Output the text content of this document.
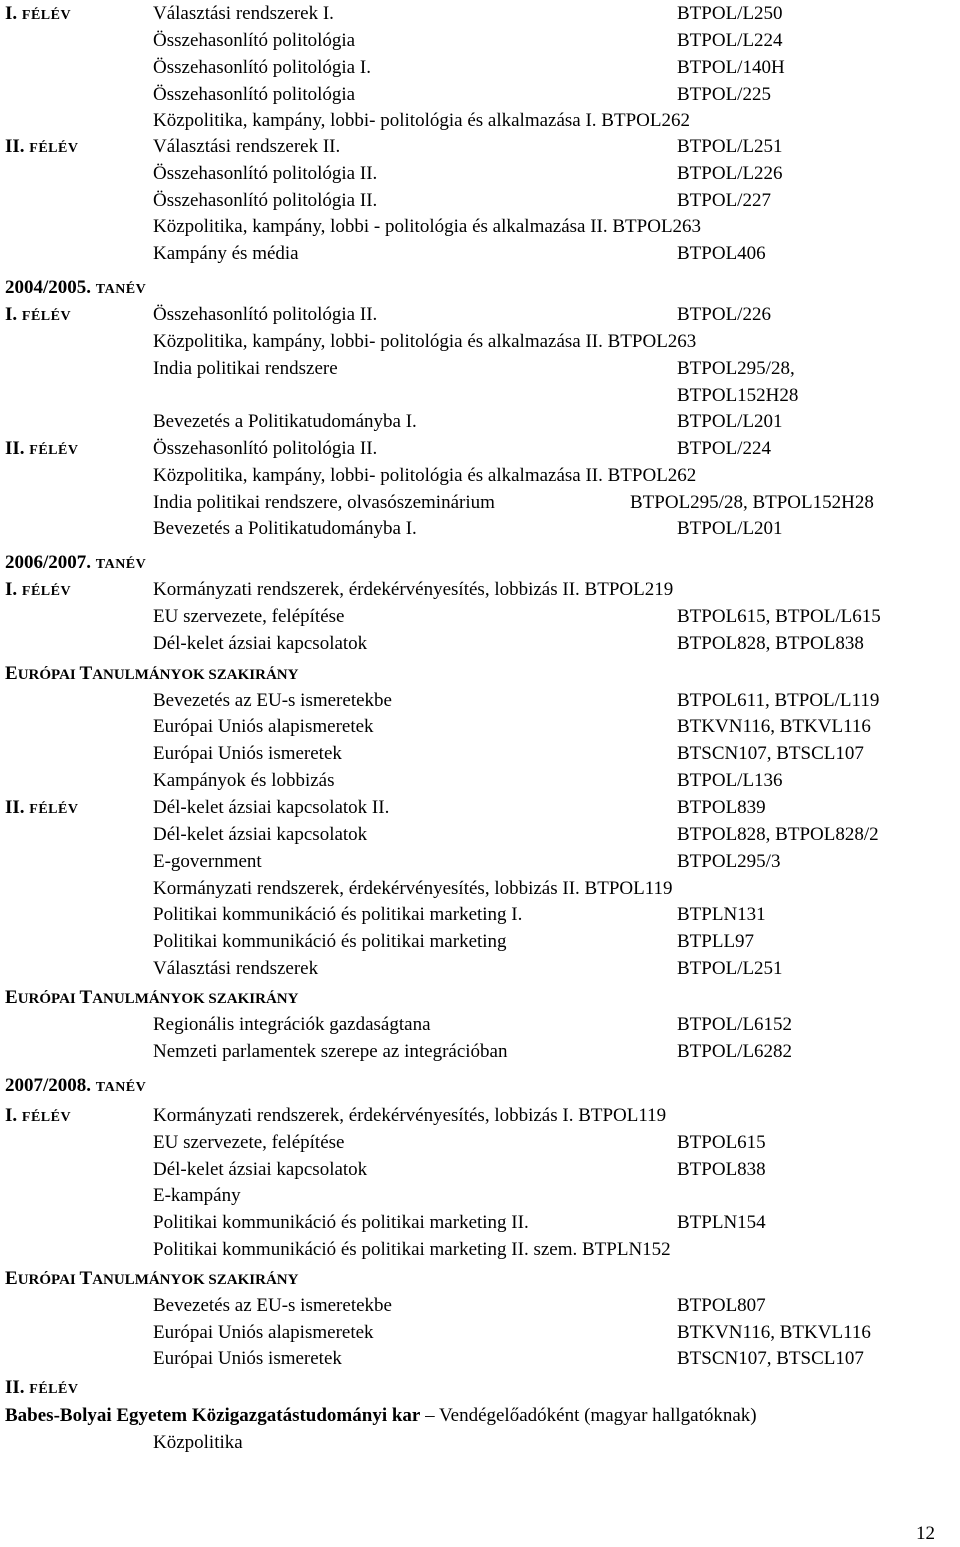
I. FÉLÉV	Választási rendszerek I.	BTPOL/L250
Összehasonlító politológia	BTPOL/L224
Összehasonlító politológia I.	BTPOL/140H
Összehasonlító politológia	BTPOL/225
Közpolitika, kampány, lobbi- politológia és alkalmazása I. BTPOL262
II. FÉLÉV	Választási rendszerek II.	BTPOL/L251
Összehasonlító politológia II.	BTPOL/L226
Összehasonlító politológia II.	BTPOL/227
Közpolitika, kampány, lobbi - politológia és alkalmazása II. BTPOL263
Kampány és média	BTPOL406
2004/2005. TANÉV
I. FÉLÉV	Összehasonlító politológia II.	BTPOL/226
Közpolitika, kampány, lobbi- politológia és alkalmazása II. BTPOL263
India politikai rendszere	BTPOL295/28,
BTPOL152H28
Bevezetés a Politikatudományba I.	BTPOL/L201
II. FÉLÉV	Összehasonlító politológia II.	BTPOL/224
Közpolitika, kampány, lobbi- politológia és alkalmazása II. BTPOL262
India politikai rendszere, olvasószeminárium	BTPOL295/28, BTPOL152H28
Bevezetés a Politikatudományba I.	BTPOL/L201
2006/2007. TANÉV
I. FÉLÉV	Kormányzati rendszerek, érdekérvényesítés, lobbizás II. BTPOL219
EU szervezete, felépítése	BTPOL615, BTPOL/L615
Dél-kelet ázsiai kapcsolatok	BTPOL828, BTPOL838
EURÓPAI TANULMÁNYOK SZAKIRÁNY
Bevezetés az EU-s ismeretekbe	BTPOL611, BTPOL/L119
Európai Uniós alapismeretek	BTKVN116, BTKVL116
Európai Uniós ismeretek	BTSCN107, BTSCL107
Kampányok és lobbizás	BTPOL/L136
II. FÉLÉV	Dél-kelet ázsiai kapcsolatok II.	BTPOL839
Dél-kelet ázsiai kapcsolatok	BTPOL828, BTPOL828/2
E-government	BTPOL295/3
Kormányzati rendszerek, érdekérvényesítés, lobbizás II. BTPOL119
Politikai kommunikáció és politikai marketing I.	BTPLN131
Politikai kommunikáció és politikai marketing	BTPLL97
Választási rendszerek	BTPOL/L251
EURÓPAI TANULMÁNYOK SZAKIRÁNY
Regionális integrációk gazdaságtana	BTPOL/L6152
Nemzeti parlamentek szerepe az integrációban	BTPOL/L6282
2007/2008. TANÉV
I. FÉLÉV	Kormányzati rendszerek, érdekérvényesítés, lobbizás I. BTPOL119
EU szervezete, felépítése	BTPOL615
Dél-kelet ázsiai kapcsolatok	BTPOL838
E-kampány
Politikai kommunikáció és politikai marketing II.	BTPLN154
Politikai kommunikáció és politikai marketing II. szem. BTPLN152
EURÓPAI TANULMÁNYOK SZAKIRÁNY
Bevezetés az EU-s ismeretekbe	BTPOL807
Európai Uniós alapismeretek	BTKVN116, BTKVL116
Európai Uniós ismeretek	BTSCN107, BTSCL107
II. FÉLÉV
Babes-Bolyai Egyetem Közigazgatástudományi kar – Vendégelőadóként (magyar hallgatóknak)
Közpolitika
12
